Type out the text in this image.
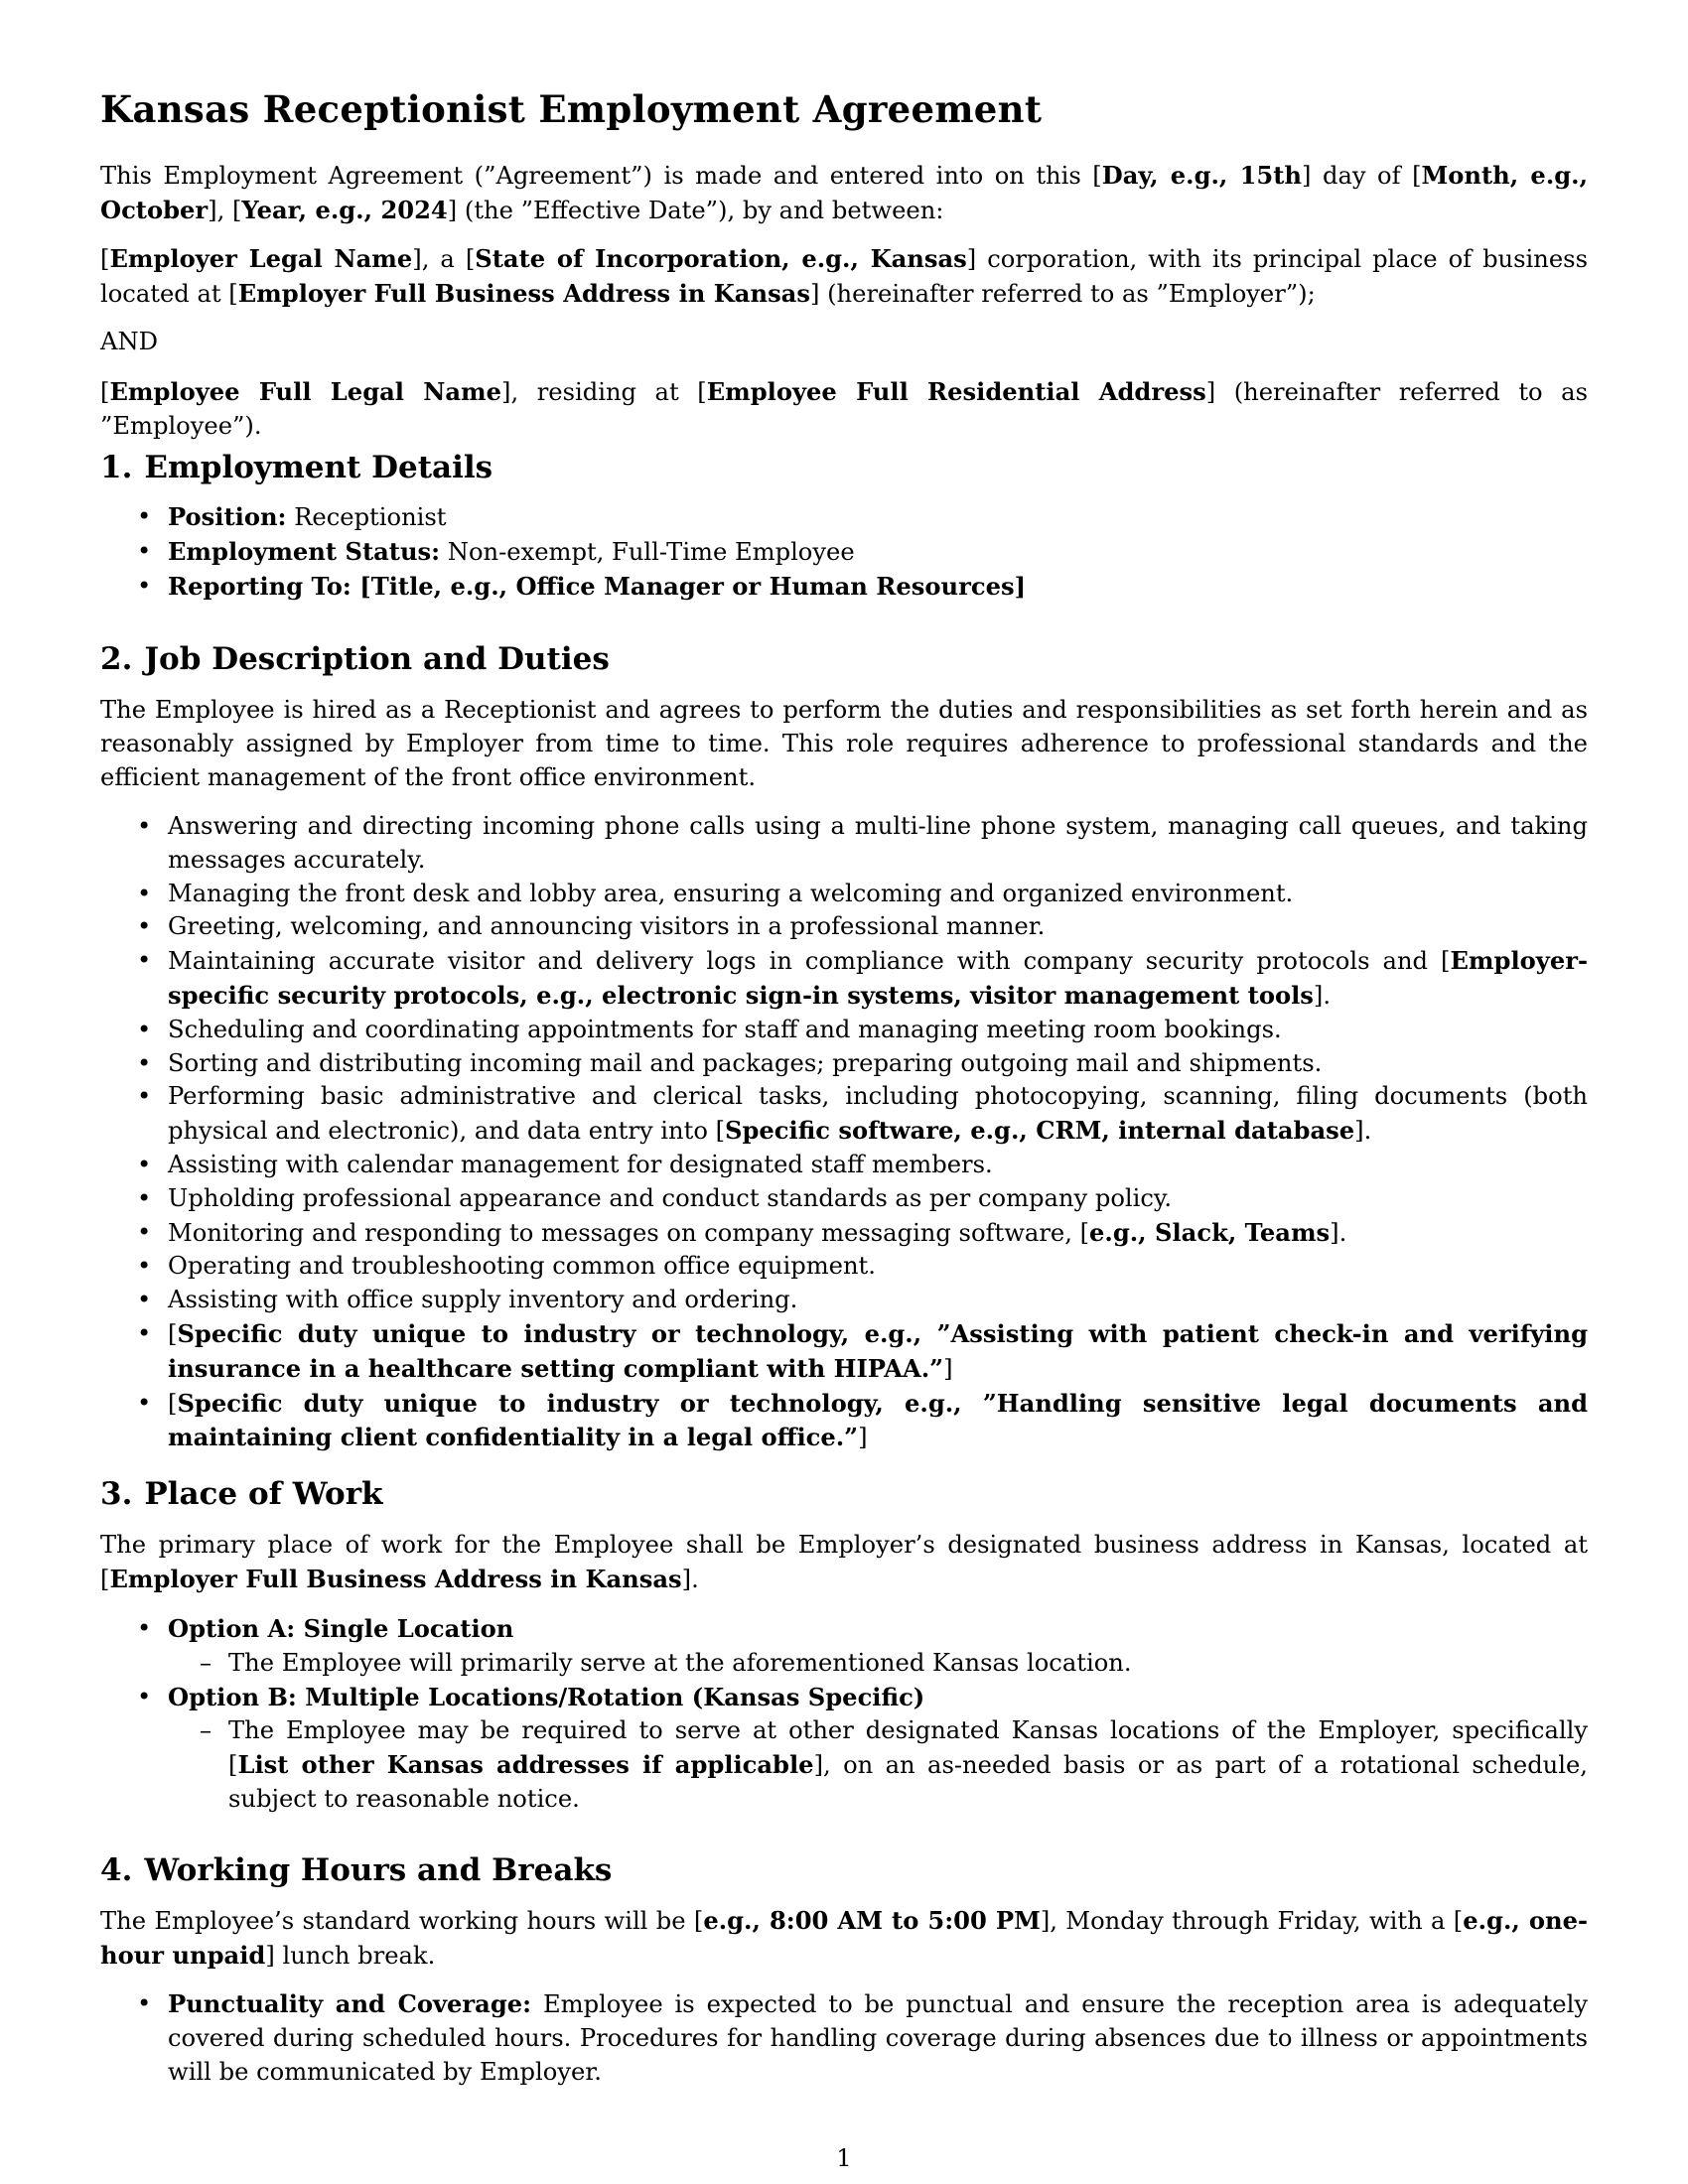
Kansas Receptionist Employment Agreement

This Employment Agreement (”Agreement”) is made and entered into on this [Day, e.g., 15th] day of [Month, e.g., October], [Year, e.g., 2024] (the ”Effective Date”), by and between:

[Employer Legal Name], a [State of Incorporation, e.g., Kansas] corporation, with its principal place of business located at [Employer Full Business Address in Kansas] (hereinafter referred to as ”Employer”);

AND

[Employee Full Legal Name], residing at [Employee Full Residential Address] (hereinafter referred to as ”Employee”).

1. Employment Details
• Position: Receptionist
• Employment Status: Non-exempt, Full-Time Employee
• Reporting To: [Title, e.g., Office Manager or Human Resources]
2. Job Description and Duties

The Employee is hired as a Receptionist and agrees to perform the duties and responsibilities as set forth herein and as reasonably assigned by Employer from time to time. This role requires adherence to professional standards and the efficient management of the front office environment.

• Answering and directing incoming phone calls using a multi-line phone system, managing call queues, and taking messages accurately.
• Managing the front desk and lobby area, ensuring a welcoming and organized environment.
• Greeting, welcoming, and announcing visitors in a professional manner.
• Maintaining accurate visitor and delivery logs in compliance with company security protocols and [Employer-specific security protocols, e.g., electronic sign-in systems, visitor management tools].
• Scheduling and coordinating appointments for staff and managing meeting room bookings.
• Sorting and distributing incoming mail and packages; preparing outgoing mail and shipments.
• Performing basic administrative and clerical tasks, including photocopying, scanning, filing documents (both physical and electronic), and data entry into [Specific software, e.g., CRM, internal database].
• Assisting with calendar management for designated staff members.
• Upholding professional appearance and conduct standards as per company policy.
• Monitoring and responding to messages on company messaging software, [e.g., Slack, Teams].
• Operating and troubleshooting common office equipment.
• Assisting with office supply inventory and ordering.
• [Specific duty unique to industry or technology, e.g., ”Assisting with patient check-in and verifying insurance in a healthcare setting compliant with HIPAA.”]
• [Specific duty unique to industry or technology, e.g., ”Handling sensitive legal documents and maintaining client confidentiality in a legal office.”]
3. Place of Work

The primary place of work for the Employee shall be Employer’s designated business address in Kansas, located at [Employer Full Business Address in Kansas].

• Option A: Single Location
– The Employee will primarily serve at the aforementioned Kansas location.
• Option B: Multiple Locations/Rotation (Kansas Specific)
– The Employee may be required to serve at other designated Kansas locations of the Employer, specifically [List other Kansas addresses if applicable], on an as-needed basis or as part of a rotational schedule, subject to reasonable notice.
4. Working Hours and Breaks

The Employee’s standard working hours will be [e.g., 8:00 AM to 5:00 PM], Monday through Friday, with a [e.g., one-hour unpaid] lunch break.

• Punctuality and Coverage: Employee is expected to be punctual and ensure the reception area is adequately covered during scheduled hours. Procedures for handling coverage during absences due to illness or appointments will be communicated by Employer.
1
